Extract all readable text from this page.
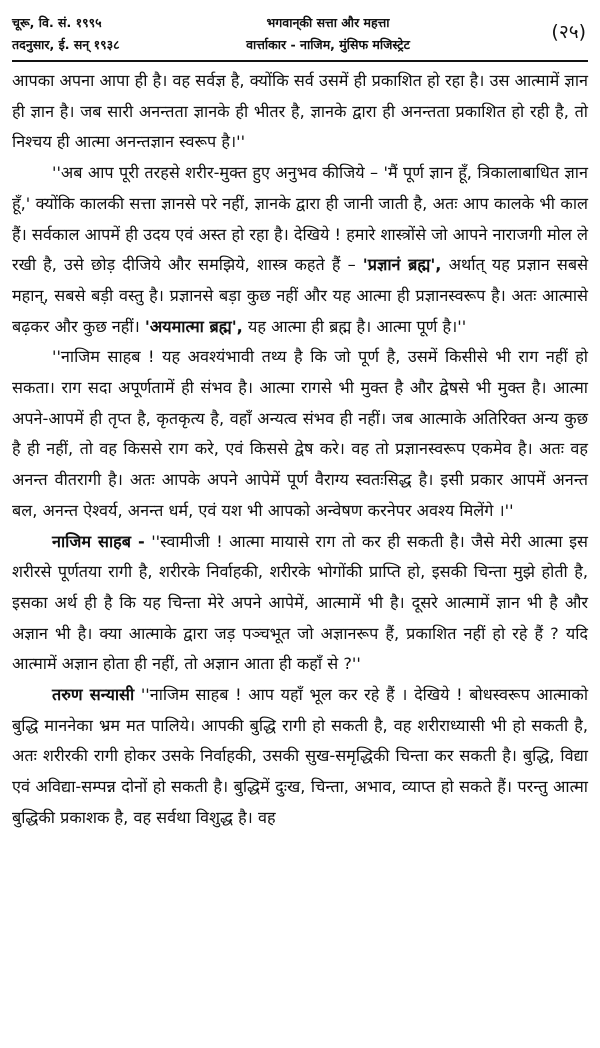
चूरू, वि. सं. १९९५
तदनुसार, ई. सन् १९३८
भगवान्‌की सत्ता और महत्ता
वार्त्ताकार - नाजिम, मुंसिफ मजिस्ट्रेट
(२५)

आपका अपना आपा ही है। वह सर्वज्ञ है, क्योंकि सर्व उसमें ही प्रकाशित हो रहा है। उस आत्मामें ज्ञान ही ज्ञान है। जब सारी अनन्तता ज्ञानके ही भीतर है, ज्ञानके द्वारा ही अनन्तता प्रकाशित हो रही है, तो निश्चय ही आत्मा अनन्तज्ञान स्वरूप है।''

''अब आप पूरी तरहसे शरीर-मुक्त हुए अनुभव कीजिये – 'मैं पूर्ण ज्ञान हूँ, त्रिकालाबाधित ज्ञान हूँ,' क्योंकि कालकी सत्ता ज्ञानसे परे नहीं, ज्ञानके द्वारा ही जानी जाती है, अतः आप कालके भी काल हैं। सर्वकाल आपमें ही उदय एवं अस्त हो रहा है। देखिये ! हमारे शास्त्रोंसे जो आपने नाराजगी मोल ले रखी है, उसे छोड़ दीजिये और समझिये, शास्त्र कहते हैं – 'प्रज्ञानं ब्रह्म', अर्थात् यह प्रज्ञान सबसे महान्, सबसे बड़ी वस्तु है। प्रज्ञानसे बड़ा कुछ नहीं और यह आत्मा ही प्रज्ञानस्वरूप है। अतः आत्मासे बढ़कर और कुछ नहीं। 'अयमात्मा ब्रह्म', यह आत्मा ही ब्रह्म है। आत्मा पूर्ण है।''

''नाजिम साहब ! यह अवश्यंभावी तथ्य है कि जो पूर्ण है, उसमें किसीसे भी राग नहीं हो सकता। राग सदा अपूर्णतामें ही संभव है। आत्मा रागसे भी मुक्त है और द्वेषसे भी मुक्त है। आत्मा अपने-आपमें ही तृप्त है, कृतकृत्य है, वहाँ अन्यत्व संभव ही नहीं। जब आत्माके अतिरिक्त अन्य कुछ है ही नहीं, तो वह किससे राग करे, एवं किससे द्वेष करे। वह तो प्रज्ञानस्वरूप एकमेव है। अतः वह अनन्त वीतरागी है। अतः आपके अपने आपेमें पूर्ण वैराग्य स्वतःसिद्ध है। इसी प्रकार आपमें अनन्त बल, अनन्त ऐश्वर्य, अनन्त धर्म, एवं यश भी आपको अन्वेषण करनेपर अवश्य मिलेंगे ।''

नाजिम साहब - ''स्वामीजी ! आत्मा मायासे राग तो कर ही सकती है। जैसे मेरी आत्मा इस शरीरसे पूर्णतया रागी है, शरीरके निर्वाहकी, शरीरके भोगोंकी प्राप्ति हो, इसकी चिन्ता मुझे होती है, इसका अर्थ ही है कि यह चिन्ता मेरे अपने आपेमें, आत्मामें भी है। दूसरे आत्मामें ज्ञान भी है और अज्ञान भी है। क्या आत्माके द्वारा जड़ पञ्चभूत जो अज्ञानरूप हैं, प्रकाशित नहीं हो रहे हैं ? यदि आत्मामें अज्ञान होता ही नहीं, तो अज्ञान आता ही कहाँ से ?''

तरुण सन्यासी ''नाजिम साहब ! आप यहाँ भूल कर रहे हैं । देखिये ! बोधस्वरूप आत्माको बुद्धि माननेका भ्रम मत पालिये। आपकी बुद्धि रागी हो सकती है, वह शरीराध्यासी भी हो सकती है, अतः शरीरकी रागी होकर उसके निर्वाहकी, उसकी सुख-समृद्धिकी चिन्ता कर सकती है। बुद्धि, विद्या एवं अविद्या-सम्पन्न दोनों हो सकती है। बुद्धिमें दुःख, चिन्ता, अभाव, व्याप्त हो सकते हैं। परन्तु आत्मा बुद्धिकी प्रकाशक है, वह सर्वथा विशुद्ध है। वह
